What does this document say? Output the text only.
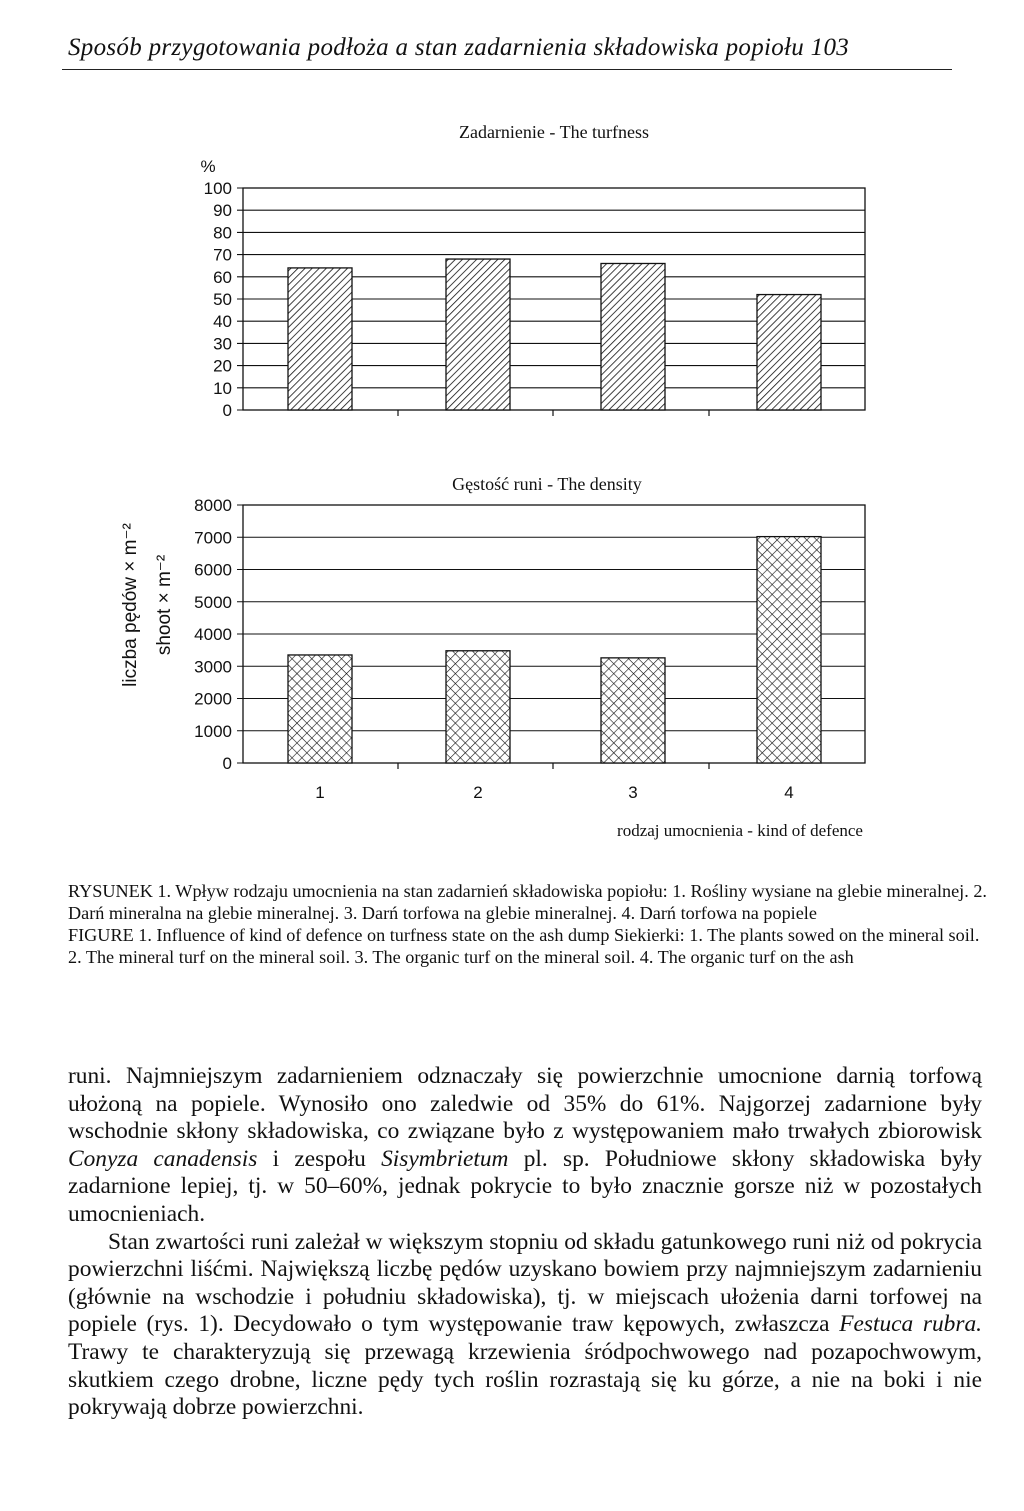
Sposób przygotowania podłoża a stan zadarnienia składowiska popiołu 103
0
10
20
30
40
50
60
70
80
90
100
Zadarnienie - The turfness
%
0
1000
2000
3000
4000
5000
6000
7000
8000
Gęstość runi - The density
liczba pędów × m⁻² shoot × m⁻²
1	2	3	4
rodzaj umocnienia - kind of defence

RYSUNEK 1. Wpływ rodzaju umocnienia na stan zadarnień składowiska popiołu: 1. Rośliny wysiane na glebie mineralnej. 2. Darń mineralna na glebie mineralnej. 3. Darń torfowa na glebie mineralnej. 4. Darń torfowa na popiele

FIGURE 1. Influence of kind of defence on turfness state on the ash dump Siekierki: 1. The plants sowed on the mineral soil. 2. The mineral turf on the mineral soil. 3. The organic turf on the mineral soil. 4. The organic turf on the ash

runi. Najmniejszym zadarnieniem odznaczały się powierzchnie umocnione darnią torfową ułożoną na popiele. Wynosiło ono zaledwie od 35% do 61%. Najgorzej zadarnione były wschodnie skłony składowiska, co związane było z występowaniem mało trwałych zbiorowisk Conyza canadensis i zespołu Sisymbrietum pl. sp. Południowe skłony składowiska były zadarnione lepiej, tj. w 50–60%, jednak pokrycie to było znacznie gorsze niż w pozostałych umocnieniach.

Stan zwartości runi zależał w większym stopniu od składu gatunkowego runi niż od pokrycia powierzchni liśćmi. Największą liczbę pędów uzyskano bowiem przy najmniejszym zadarnieniu (głównie na wschodzie i południu składowiska), tj. w miejscach ułożenia darni torfowej na popiele (rys. 1). Decydowało o tym występowanie traw kępowych, zwłaszcza Festuca rubra. Trawy te charakteryzują się przewagą krzewienia śródpochwowego nad pozapochwowym, skutkiem czego drobne, liczne pędy tych roślin rozrastają się ku górze, a nie na boki i nie pokrywają dobrze powierzchni.
